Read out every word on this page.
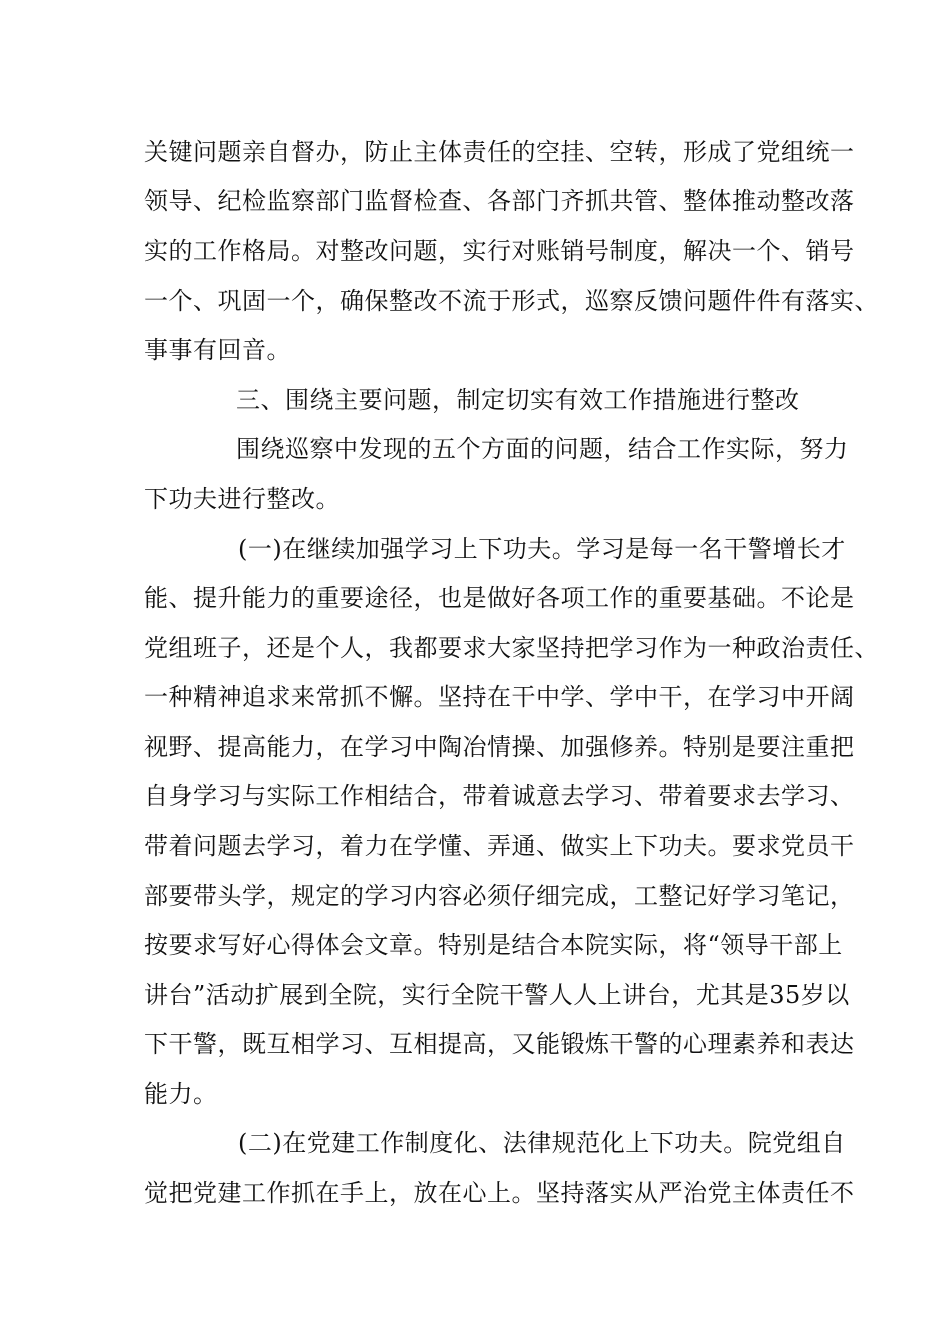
关键问题亲自督办，防止主体责任的空挂、空转，形成了党组统一
领导、纪检监察部门监督检查、各部门齐抓共管、整体推动整改落
实的工作格局。对整改问题，实行对账销号制度，解决一个、销号
一个、巩固一个，确保整改不流于形式，巡察反馈问题件件有落实、
事事有回音。
三、围绕主要问题，制定切实有效工作措施进行整改
围绕巡察中发现的五个方面的问题，结合工作实际，努力
下功夫进行整改。
(一)在继续加强学习上下功夫。学习是每一名干警增长才
能、提升能力的重要途径，也是做好各项工作的重要基础。不论是
党组班子，还是个人，我都要求大家坚持把学习作为一种政治责任、
一种精神追求来常抓不懈。坚持在干中学、学中干，在学习中开阔
视野、提高能力，在学习中陶冶情操、加强修养。特别是要注重把
自身学习与实际工作相结合，带着诚意去学习、带着要求去学习、
带着问题去学习，着力在学懂、弄通、做实上下功夫。要求党员干
部要带头学，规定的学习内容必须仔细完成，工整记好学习笔记，
按要求写好心得体会文章。特别是结合本院实际，将“领导干部上
讲台”活动扩展到全院，实行全院干警人人上讲台，尤其是35岁以
下干警，既互相学习、互相提高，又能锻炼干警的心理素养和表达
能力。
(二)在党建工作制度化、法律规范化上下功夫。院党组自
觉把党建工作抓在手上，放在心上。坚持落实从严治党主体责任不
